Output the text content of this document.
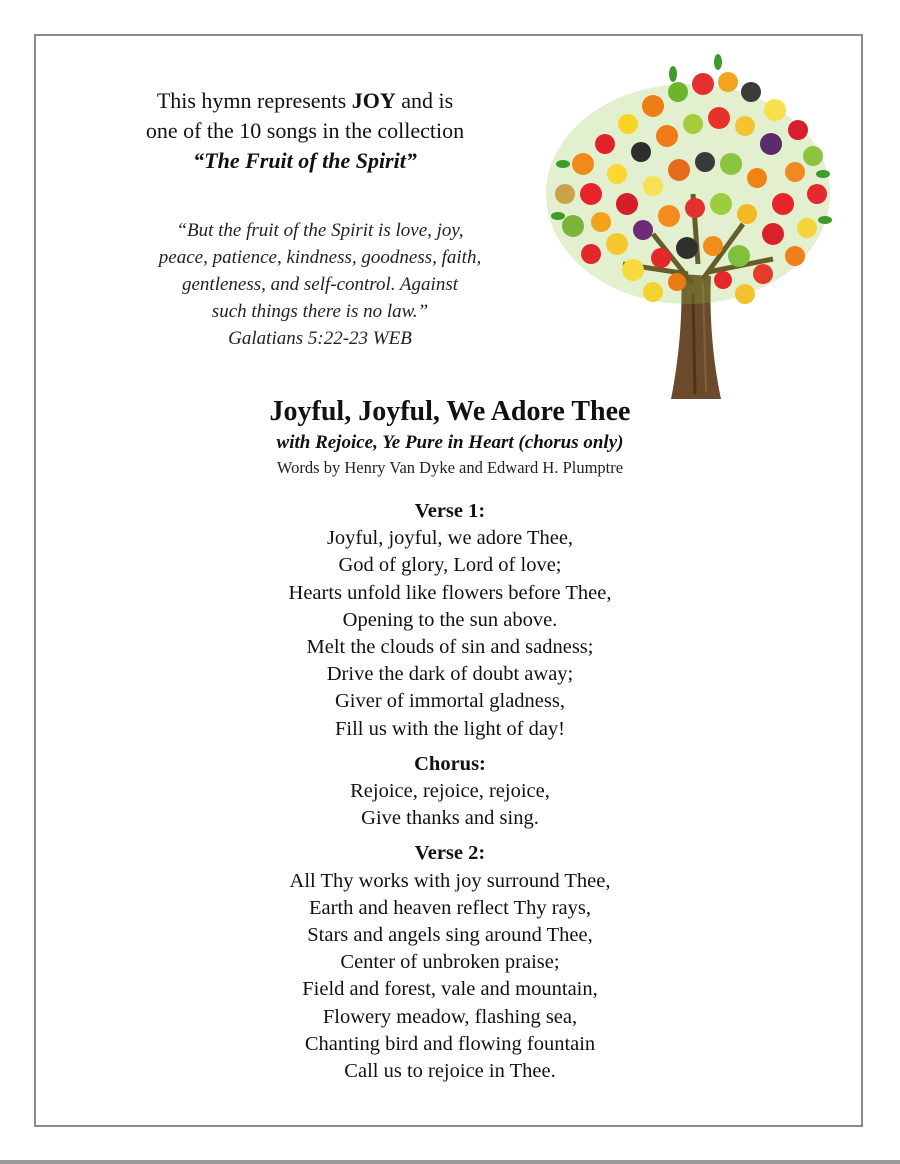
This hymn represents JOY and is
one of the 10 songs in the collection
“The Fruit of the Spirit”
“But the fruit of the Spirit is love, joy,
peace, patience, kindness, goodness, faith,
gentleness, and self-control. Against
such things there is no law.”
Galatians 5:22-23 WEB
Joyful, Joyful, We Adore Thee
with Rejoice, Ye Pure in Heart (chorus only)
Words by Henry Van Dyke and Edward H. Plumptre
Verse 1:
Joyful, joyful, we adore Thee,
God of glory, Lord of love;
Hearts unfold like flowers before Thee,
Opening to the sun above.
Melt the clouds of sin and sadness;
Drive the dark of doubt away;
Giver of immortal gladness,
Fill us with the light of day!
Chorus:
Rejoice, rejoice, rejoice,
Give thanks and sing.
Verse 2:
All Thy works with joy surround Thee,
Earth and heaven reflect Thy rays,
Stars and angels sing around Thee,
Center of unbroken praise;
Field and forest, vale and mountain,
Flowery meadow, flashing sea,
Chanting bird and flowing fountain
Call us to rejoice in Thee.
